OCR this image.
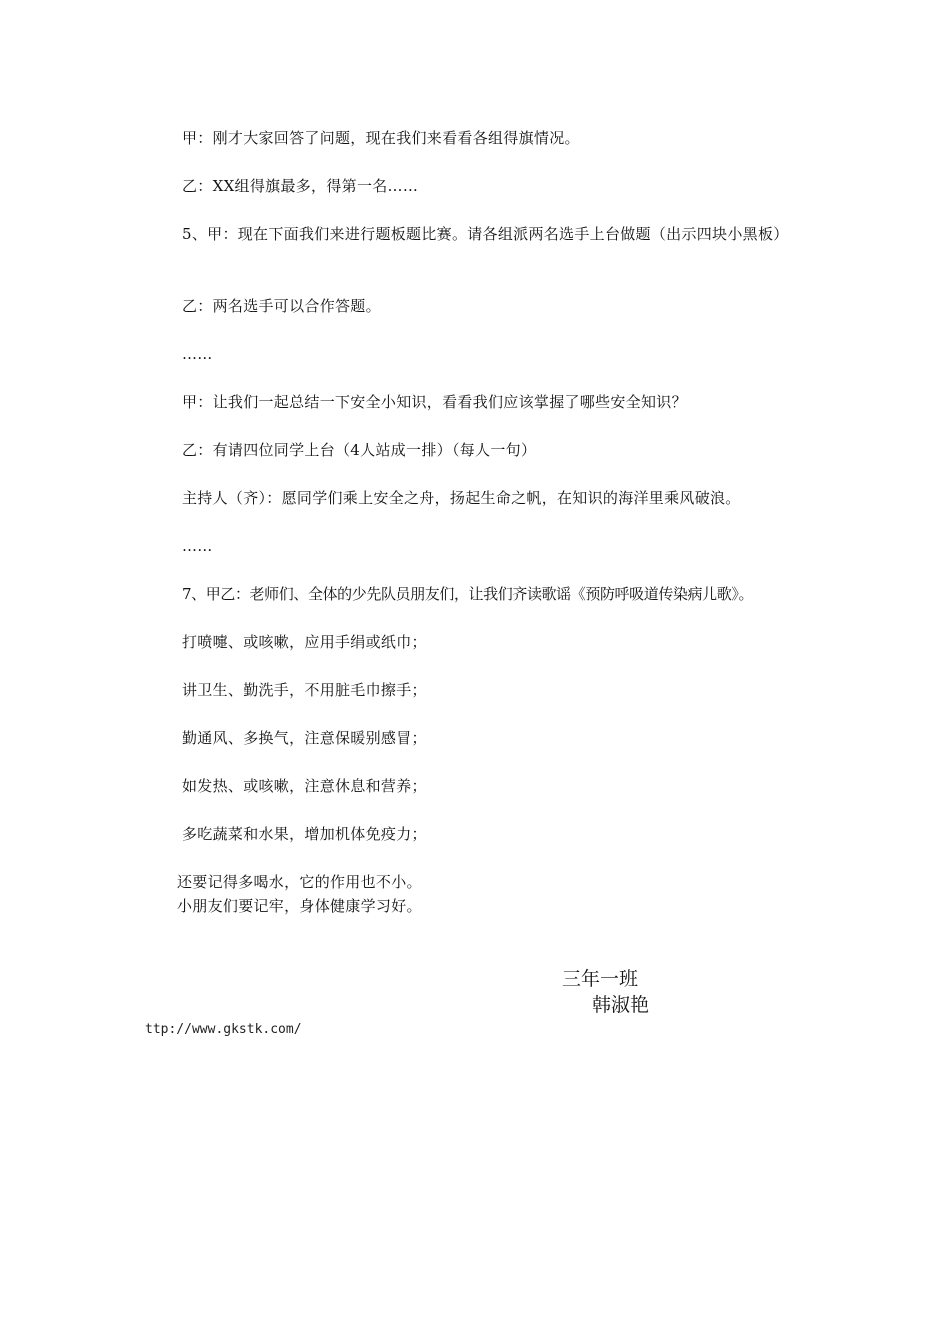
甲：刚才大家回答了问题，现在我们来看看各组得旗情况。
乙：XX组得旗最多，得第一名……
5、甲：现在下面我们来进行题板题比赛。请各组派两名选手上台做题（出示四块小黑板）
乙：两名选手可以合作答题。
……
甲：让我们一起总结一下安全小知识，看看我们应该掌握了哪些安全知识？
乙：有请四位同学上台（4人站成一排）（每人一句）
主持人（齐）：愿同学们乘上安全之舟，扬起生命之帆，在知识的海洋里乘风破浪。
……
7、甲乙：老师们、全体的少先队员朋友们，让我们齐读歌谣《预防呼吸道传染病儿歌》。
打喷嚏、或咳嗽，应用手绢或纸巾；
讲卫生、勤洗手，不用脏毛巾擦手；
勤通风、多换气，注意保暖别感冒；
如发热、或咳嗽，注意休息和营养；
多吃蔬菜和水果，增加机体免疫力；
还要记得多喝水，它的作用也不小。
小朋友们要记牢，身体健康学习好。
三年一班
韩淑艳
ttp://www.gkstk.com/
